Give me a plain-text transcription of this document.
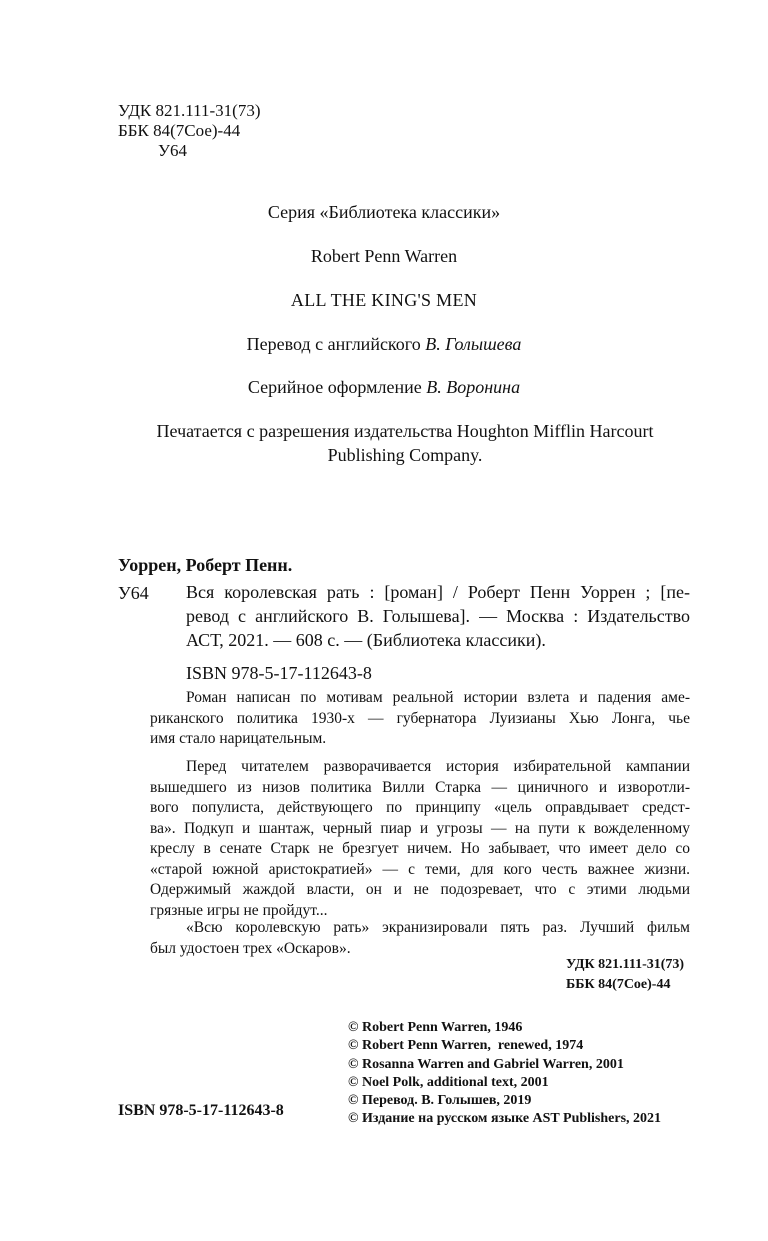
УДК 821.111-31(73)
ББК 84(7Сое)-44
У64
Серия «Библиотека классики»
Robert Penn Warren
ALL THE KING'S MEN
Перевод с английского В. Голышева
Серийное оформление В. Воронина
Печатается с разрешения издательства Houghton Mifflin Harcourt
Publishing Company.
Уоррен, Роберт Пенн.
У64 Вся королевская рать : [роман] / Роберт Пенн Уоррен ; [пе-
ревод с английского В. Голышева]. — Москва : Издательство
АСТ, 2021. — 608 с. — (Библиотека классики).
ISBN 978-5-17-112643-8
Роман написан по мотивам реальной истории взлета и падения аме-
риканского политика 1930-х — губернатора Луизианы Хью Лонга, чье
имя стало нарицательным.
Перед читателем разворачивается история избирательной кампании
вышедшего из низов политика Вилли Старка — циничного и изворотли-
вого популиста, действующего по принципу «цель оправдывает средст-
ва». Подкуп и шантаж, черный пиар и угрозы — на пути к вожделенному
креслу в сенате Старк не брезгует ничем. Но забывает, что имеет дело со
«старой южной аристократией» — с теми, для кого честь важнее жизни.
Одержимый жаждой власти, он и не подозревает, что с этими людьми
грязные игры не пройдут...
«Всю королевскую рать» экранизировали пять раз. Лучший фильм
был удостоен трех «Оскаров».
УДК 821.111-31(73)
ББК 84(7Сое)-44
© Robert Penn Warren, 1946
© Robert Penn Warren,  renewed, 1974
© Rosanna Warren and Gabriel Warren, 2001
© Noel Polk, additional text, 2001
© Перевод. В. Голышев, 2019
© Издание на русском языке AST Publishers, 2021
ISBN 978-5-17-112643-8
